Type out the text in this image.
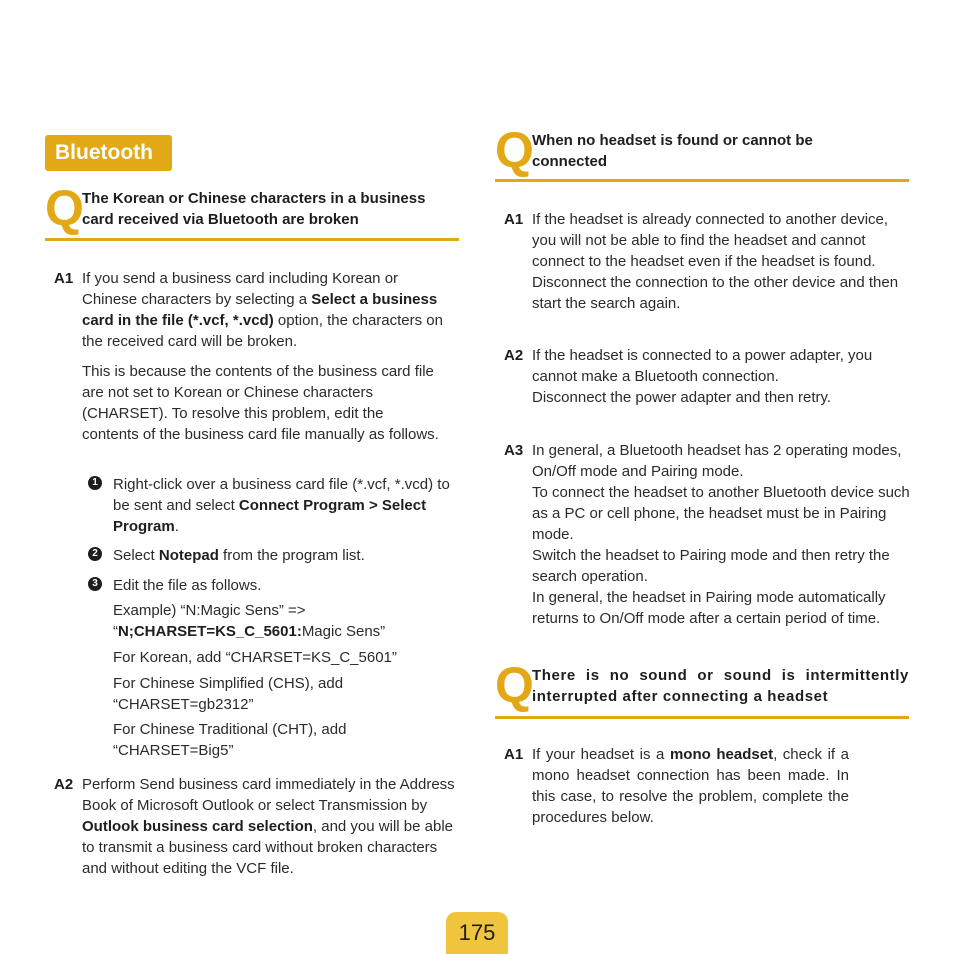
Bluetooth
Q
The Korean or Chinese characters in a business card received via Bluetooth are broken
A1 If you send a business card including Korean or Chinese characters by selecting a Select a business card in the file (*.vcf, *.vcd) option, the characters on the received card will be broken.
This is because the contents of the business card file are not set to Korean or Chinese characters (CHARSET). To resolve this problem, edit the contents of the business card file manually as follows.
1 Right-click over a business card file (*.vcf, *.vcd) to be sent and select Connect Program > Select Program.
2 Select Notepad from the program list.
3 Edit the file as follows.
Example) “N:Magic Sens” =>
“N;CHARSET=KS_C_5601:Magic Sens”
For Korean, add “CHARSET=KS_C_5601”
For Chinese Simplified (CHS), add
“CHARSET=gb2312”
For Chinese Traditional (CHT), add
“CHARSET=Big5”
A2 Perform Send business card immediately in the Address Book of Microsoft Outlook or select Transmission by Outlook business card selection, and you will be able to transmit a business card without broken characters and without editing the VCF file.
Q
When no headset is found or cannot be connected
A1 If the headset is already connected to another device, you will not be able to find the headset and cannot connect to the headset even if the headset is found. Disconnect the connection to the other device and then start the search again.
A2 If the headset is connected to a power adapter, you cannot make a Bluetooth connection.
Disconnect the power adapter and then retry.
A3 In general, a Bluetooth headset has 2 operating modes, On/Off mode and Pairing mode.
To connect the headset to another Bluetooth device such as a PC or cell phone, the headset must be in Pairing mode.
Switch the headset to Pairing mode and then retry the search operation.
In general, the headset in Pairing mode automatically returns to On/Off mode after a certain period of time.
Q
There is no sound or sound is intermittently interrupted after connecting a headset
A1 If your headset is a mono headset, check if a mono headset connection has been made. In this case, to resolve the problem, complete the procedures below.
175
